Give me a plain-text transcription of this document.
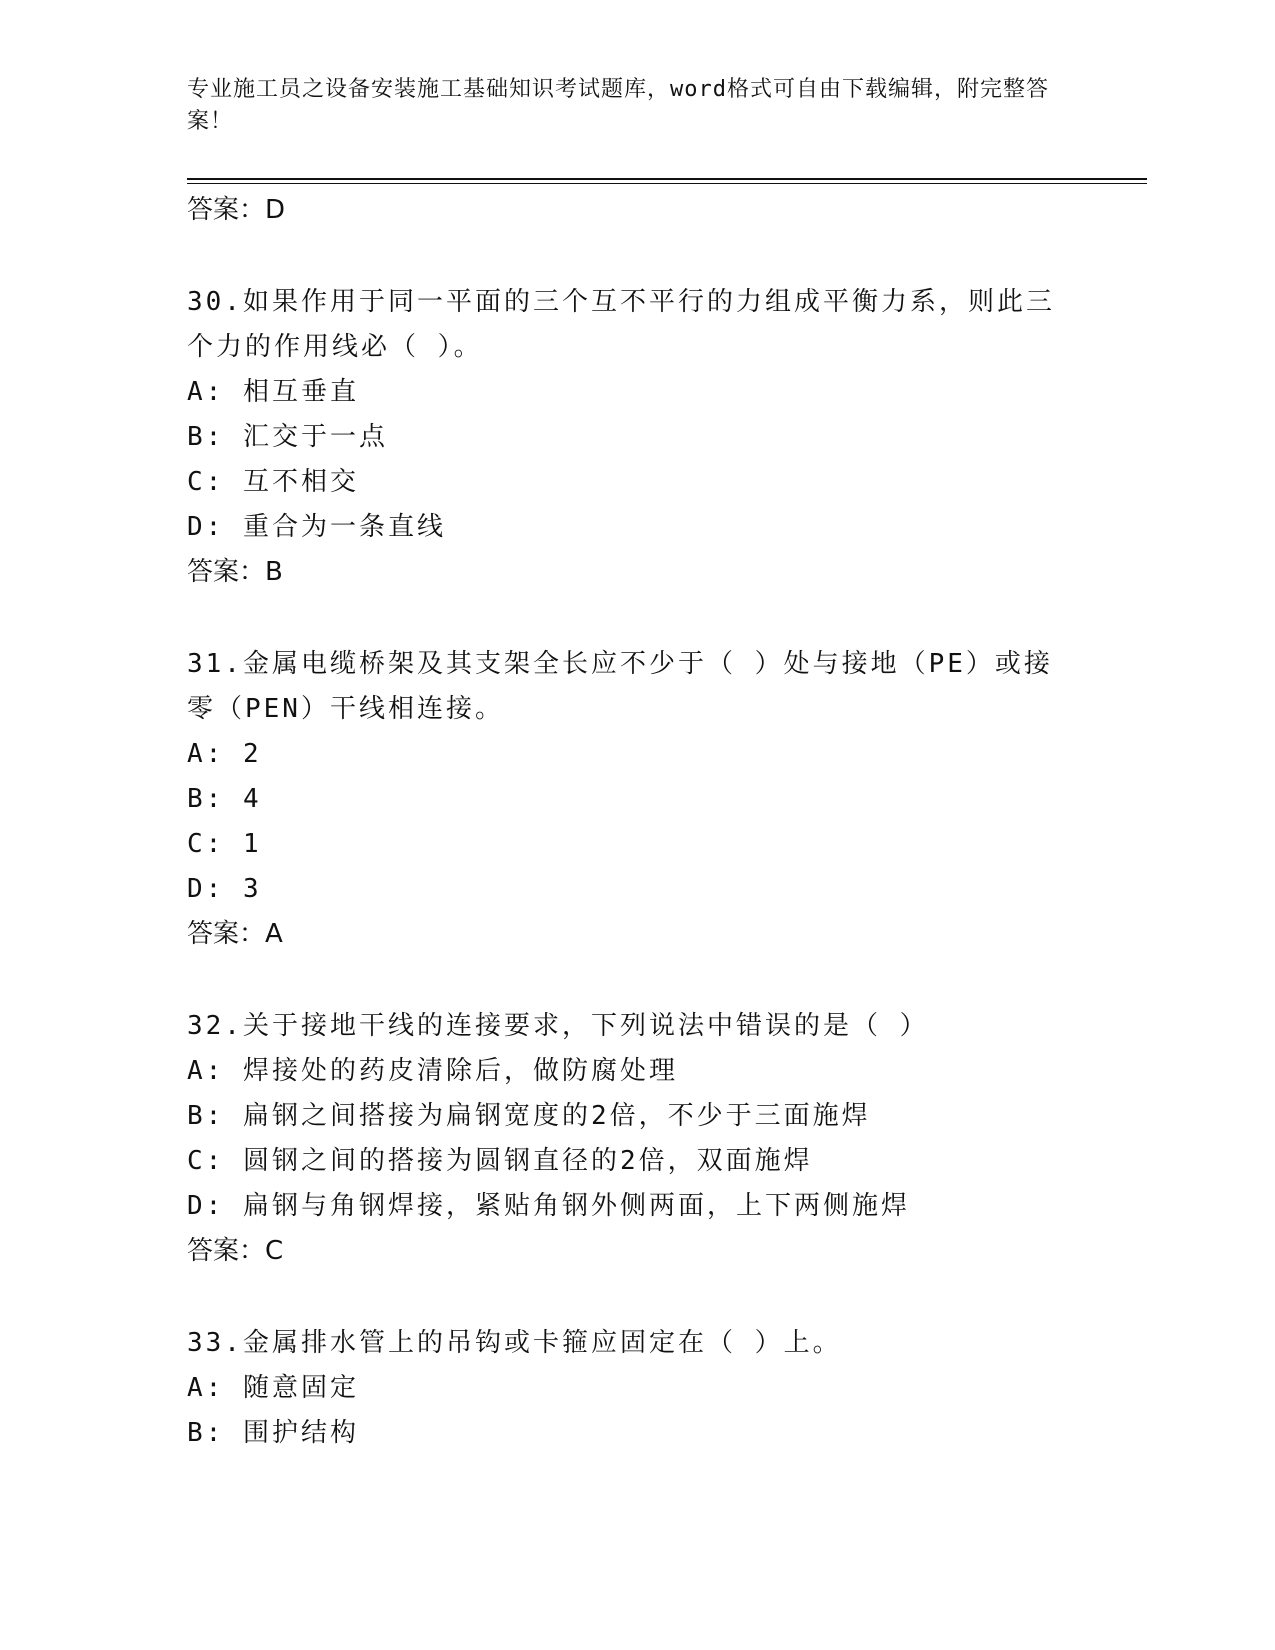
专业施工员之设备安装施工基础知识考试题库，word格式可自由下载编辑，附完整答案！

答案：D

30.如果作用于同一平面的三个互不平行的力组成平衡力系，则此三个力的作用线必（ ）。

A: 相互垂直

B: 汇交于一点

C: 互不相交

D: 重合为一条直线

答案：B

31.金属电缆桥架及其支架全长应不少于（ ）处与接地（PE）或接零（PEN）干线相连接。

A: 2

B: 4

C: 1

D: 3

答案：A

32.关于接地干线的连接要求，下列说法中错误的是（ ）

A: 焊接处的药皮清除后，做防腐处理

B: 扁钢之间搭接为扁钢宽度的2倍，不少于三面施焊

C: 圆钢之间的搭接为圆钢直径的2倍，双面施焊

D: 扁钢与角钢焊接，紧贴角钢外侧两面，上下两侧施焊

答案：C

33.金属排水管上的吊钩或卡箍应固定在（ ）上。

A: 随意固定

B: 围护结构
